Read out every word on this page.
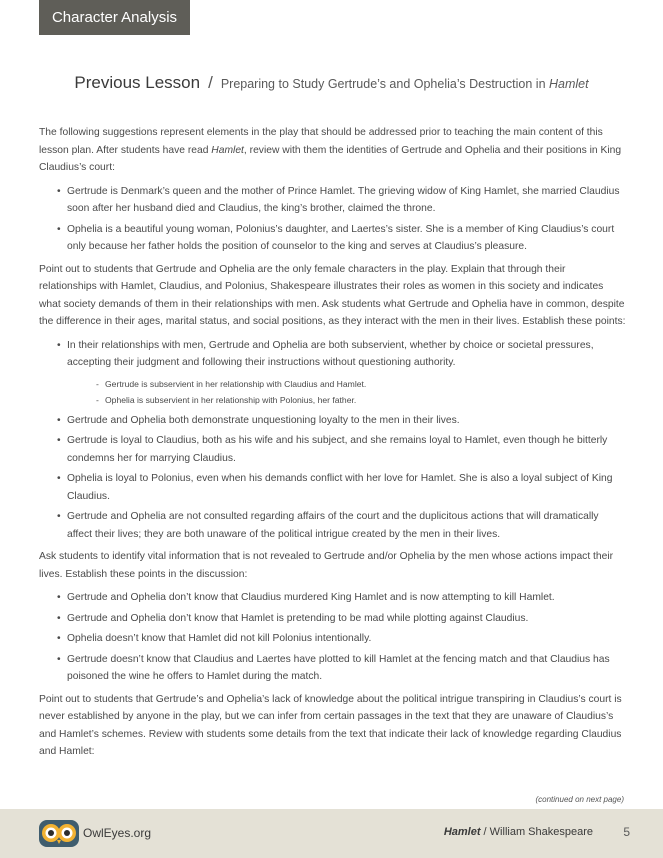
Character Analysis
Previous Lesson / Preparing to Study Gertrude’s and Ophelia’s Destruction in Hamlet

The following suggestions represent elements in the play that should be addressed prior to teaching the main content of this lesson plan. After students have read Hamlet, review with them the identities of Gertrude and Ophelia and their positions in King Claudius’s court:

• Gertrude is Denmark’s queen and the mother of Prince Hamlet. The grieving widow of King Hamlet, she married Claudius soon after her husband died and Claudius, the king’s brother, claimed the throne.
• Ophelia is a beautiful young woman, Polonius’s daughter, and Laertes’s sister. She is a member of King Claudius’s court only because her father holds the position of counselor to the king and serves at Claudius’s pleasure.

Point out to students that Gertrude and Ophelia are the only female characters in the play. Explain that through their relationships with Hamlet, Claudius, and Polonius, Shakespeare illustrates their roles as women in this society and indicates what society demands of them in their relationships with men. Ask students what Gertrude and Ophelia have in common, despite the difference in their ages, marital status, and social positions, as they interact with the men in their lives. Establish these points:

• In their relationships with men, Gertrude and Ophelia are both subservient, whether by choice or societal pressures, accepting their judgment and following their instructions without questioning authority.
- Gertrude is subservient in her relationship with Claudius and Hamlet.
- Ophelia is subservient in her relationship with Polonius, her father.
• Gertrude and Ophelia both demonstrate unquestioning loyalty to the men in their lives.
• Gertrude is loyal to Claudius, both as his wife and his subject, and she remains loyal to Hamlet, even though he bitterly condemns her for marrying Claudius.
• Ophelia is loyal to Polonius, even when his demands conflict with her love for Hamlet. She is also a loyal subject of King Claudius.
• Gertrude and Ophelia are not consulted regarding affairs of the court and the duplicitous actions that will dramatically affect their lives; they are both unaware of the political intrigue created by the men in their lives.

Ask students to identify vital information that is not revealed to Gertrude and/or Ophelia by the men whose actions impact their lives. Establish these points in the discussion:

• Gertrude and Ophelia don’t know that Claudius murdered King Hamlet and is now attempting to kill Hamlet.
• Gertrude and Ophelia don’t know that Hamlet is pretending to be mad while plotting against Claudius.
• Ophelia doesn’t know that Hamlet did not kill Polonius intentionally.
• Gertrude doesn’t know that Claudius and Laertes have plotted to kill Hamlet at the fencing match and that Claudius has poisoned the wine he offers to Hamlet during the match.

Point out to students that Gertrude’s and Ophelia’s lack of knowledge about the political intrigue transpiring in Claudius’s court is never established by anyone in the play, but we can infer from certain passages in the text that they are unaware of Claudius’s and Hamlet’s schemes. Review with students some details from the text that indicate their lack of knowledge regarding Claudius and Hamlet:

(continued on next page)
OwlEyes.org	Hamlet / William Shakespeare	5
